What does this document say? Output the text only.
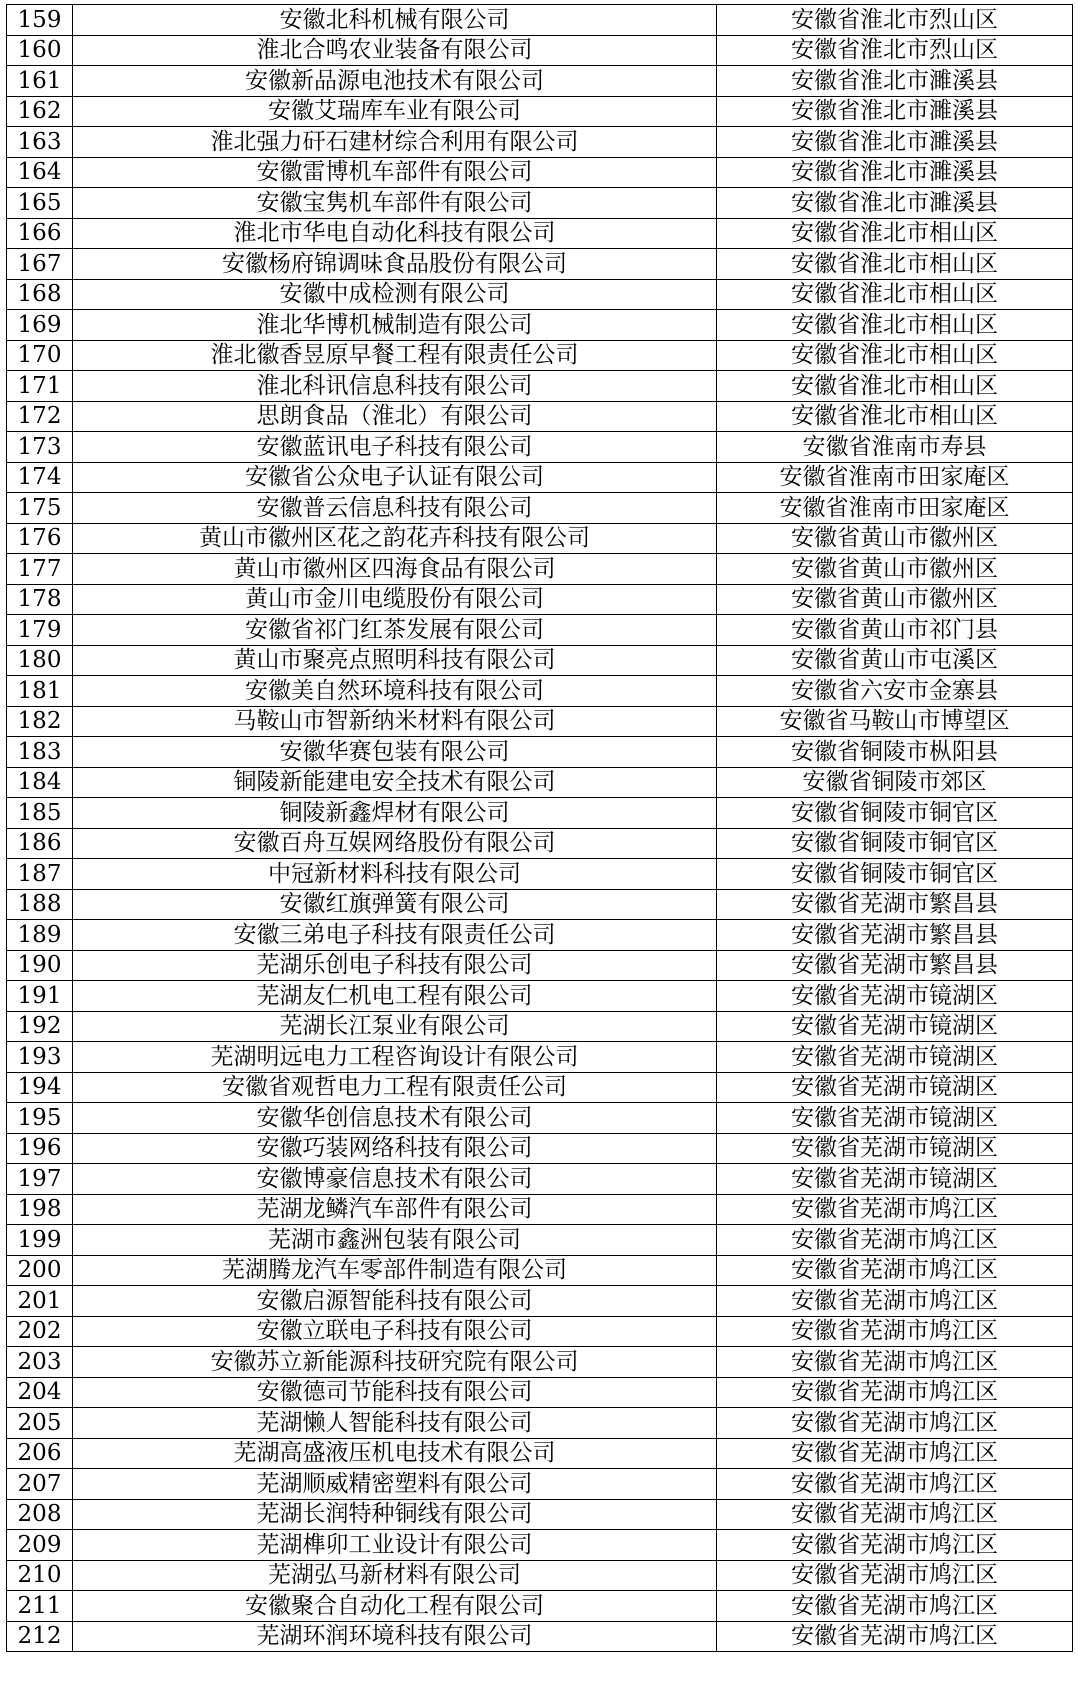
159	安徽北科机械有限公司	安徽省淮北市烈山区
160	淮北合鸣农业装备有限公司	安徽省淮北市烈山区
161	安徽新品源电池技术有限公司	安徽省淮北市濉溪县
162	安徽艾瑞库车业有限公司	安徽省淮北市濉溪县
163	淮北强力矸石建材综合利用有限公司	安徽省淮北市濉溪县
164	安徽雷博机车部件有限公司	安徽省淮北市濉溪县
165	安徽宝隽机车部件有限公司	安徽省淮北市濉溪县
166	淮北市华电自动化科技有限公司	安徽省淮北市相山区
167	安徽杨府锦调味食品股份有限公司	安徽省淮北市相山区
168	安徽中成检测有限公司	安徽省淮北市相山区
169	淮北华博机械制造有限公司	安徽省淮北市相山区
170	淮北徽香昱原早餐工程有限责任公司	安徽省淮北市相山区
171	淮北科讯信息科技有限公司	安徽省淮北市相山区
172	思朗食品（淮北）有限公司	安徽省淮北市相山区
173	安徽蓝讯电子科技有限公司	安徽省淮南市寿县
174	安徽省公众电子认证有限公司	安徽省淮南市田家庵区
175	安徽普云信息科技有限公司	安徽省淮南市田家庵区
176	黄山市徽州区花之韵花卉科技有限公司	安徽省黄山市徽州区
177	黄山市徽州区四海食品有限公司	安徽省黄山市徽州区
178	黄山市金川电缆股份有限公司	安徽省黄山市徽州区
179	安徽省祁门红茶发展有限公司	安徽省黄山市祁门县
180	黄山市聚亮点照明科技有限公司	安徽省黄山市屯溪区
181	安徽美自然环境科技有限公司	安徽省六安市金寨县
182	马鞍山市智新纳米材料有限公司	安徽省马鞍山市博望区
183	安徽华赛包装有限公司	安徽省铜陵市枞阳县
184	铜陵新能建电安全技术有限公司	安徽省铜陵市郊区
185	铜陵新鑫焊材有限公司	安徽省铜陵市铜官区
186	安徽百舟互娱网络股份有限公司	安徽省铜陵市铜官区
187	中冠新材料科技有限公司	安徽省铜陵市铜官区
188	安徽红旗弹簧有限公司	安徽省芜湖市繁昌县
189	安徽三弟电子科技有限责任公司	安徽省芜湖市繁昌县
190	芜湖乐创电子科技有限公司	安徽省芜湖市繁昌县
191	芜湖友仁机电工程有限公司	安徽省芜湖市镜湖区
192	芜湖长江泵业有限公司	安徽省芜湖市镜湖区
193	芜湖明远电力工程咨询设计有限公司	安徽省芜湖市镜湖区
194	安徽省观哲电力工程有限责任公司	安徽省芜湖市镜湖区
195	安徽华创信息技术有限公司	安徽省芜湖市镜湖区
196	安徽巧装网络科技有限公司	安徽省芜湖市镜湖区
197	安徽博豪信息技术有限公司	安徽省芜湖市镜湖区
198	芜湖龙鳞汽车部件有限公司	安徽省芜湖市鸠江区
199	芜湖市鑫洲包装有限公司	安徽省芜湖市鸠江区
200	芜湖腾龙汽车零部件制造有限公司	安徽省芜湖市鸠江区
201	安徽启源智能科技有限公司	安徽省芜湖市鸠江区
202	安徽立联电子科技有限公司	安徽省芜湖市鸠江区
203	安徽苏立新能源科技研究院有限公司	安徽省芜湖市鸠江区
204	安徽德司节能科技有限公司	安徽省芜湖市鸠江区
205	芜湖懒人智能科技有限公司	安徽省芜湖市鸠江区
206	芜湖高盛液压机电技术有限公司	安徽省芜湖市鸠江区
207	芜湖顺威精密塑料有限公司	安徽省芜湖市鸠江区
208	芜湖长润特种铜线有限公司	安徽省芜湖市鸠江区
209	芜湖榫卯工业设计有限公司	安徽省芜湖市鸠江区
210	芜湖弘马新材料有限公司	安徽省芜湖市鸠江区
211	安徽聚合自动化工程有限公司	安徽省芜湖市鸠江区
212	芜湖环润环境科技有限公司	安徽省芜湖市鸠江区
